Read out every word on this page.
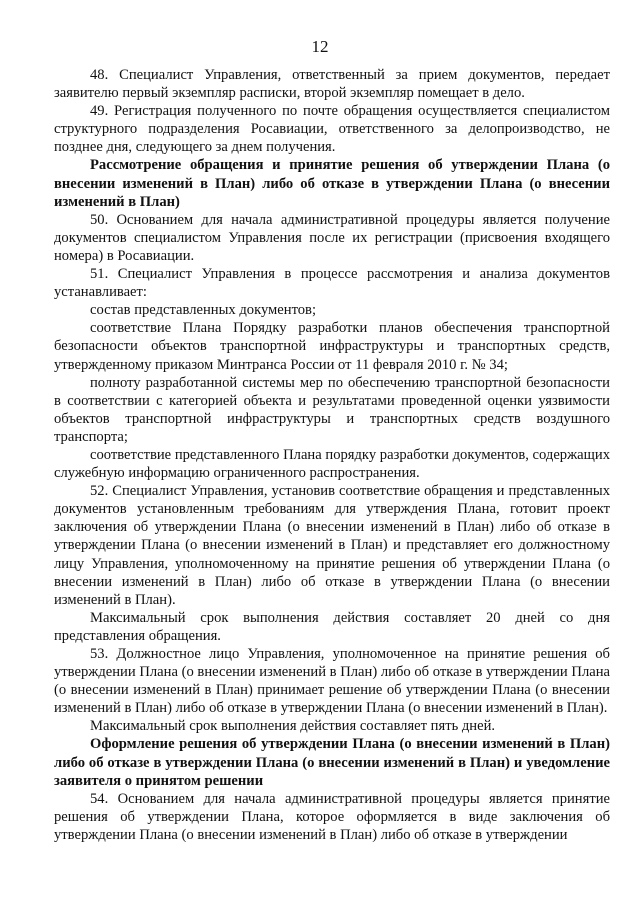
12

48. Специалист Управления, ответственный за прием документов, передает заявителю первый экземпляр расписки, второй экземпляр помещает в дело.

49. Регистрация полученного по почте обращения осуществляется специалистом структурного подразделения Росавиации, ответственного за делопроизводство, не позднее дня, следующего за днем получения.

Рассмотрение обращения и принятие решения об утверждении Плана (о внесении изменений в План) либо об отказе в утверждении Плана (о внесении изменений в План)

50. Основанием для начала административной процедуры является получение документов специалистом Управления после их регистрации (присвоения входящего номера) в Росавиации.

51. Специалист Управления в процессе рассмотрения и анализа документов устанавливает:

состав представленных документов;

соответствие Плана Порядку разработки планов обеспечения транспортной безопасности объектов транспортной инфраструктуры и транспортных средств, утвержденному приказом Минтранса России от 11 февраля 2010 г. № 34;

полноту разработанной системы мер по обеспечению транспортной безопасности в соответствии с категорией объекта и результатами проведенной оценки уязвимости объектов транспортной инфраструктуры и транспортных средств воздушного транспорта;

соответствие представленного Плана порядку разработки документов, содержащих служебную информацию ограниченного распространения.

52. Специалист Управления, установив соответствие обращения и представленных документов установленным требованиям для утверждения Плана, готовит проект заключения об утверждении Плана (о внесении изменений в План) либо об отказе в утверждении Плана (о внесении изменений в План) и представляет его должностному лицу Управления, уполномоченному на принятие решения об утверждении Плана (о внесении изменений в План) либо об отказе в утверждении Плана (о внесении изменений в План).

Максимальный срок выполнения действия составляет 20 дней со дня представления обращения.

53. Должностное лицо Управления, уполномоченное на принятие решения об утверждении Плана (о внесении изменений в План) либо об отказе в утверждении Плана (о внесении изменений в План) принимает решение об утверждении Плана (о внесении изменений в План) либо об отказе в утверждении Плана (о внесении изменений в План).

Максимальный срок выполнения действия составляет пять дней.

Оформление решения об утверждении Плана (о внесении изменений в План) либо об отказе в утверждении Плана (о внесении изменений в План) и уведомление заявителя о принятом решении

54. Основанием для начала административной процедуры является принятие решения об утверждении Плана, которое оформляется в виде заключения об утверждении Плана (о внесении изменений в План) либо об отказе в утверждении
